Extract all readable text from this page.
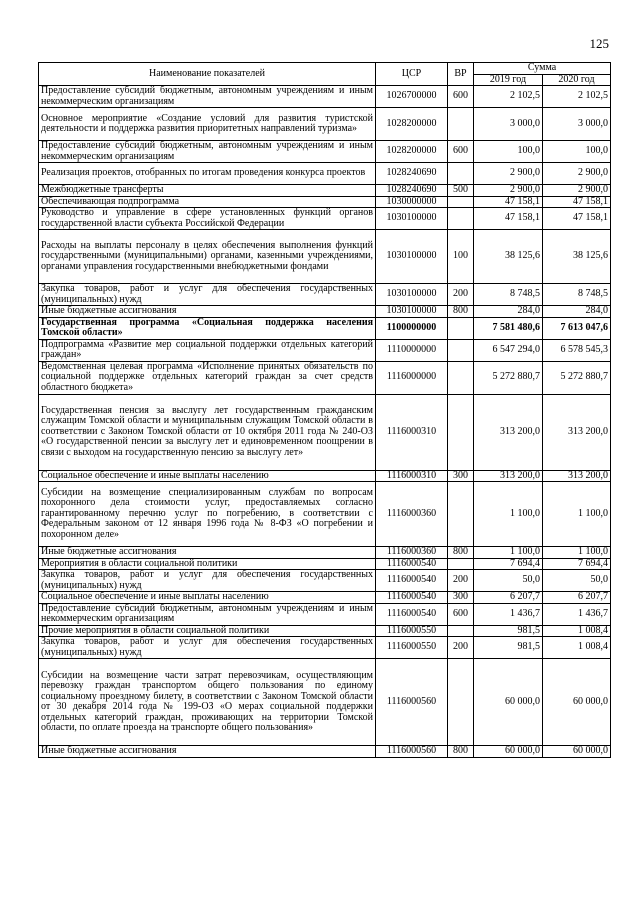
125
Наименование показателей	ЦСР	ВР	Сумма	
			2019 год	2020 год
Предоставление субсидий бюджетным, автономным учреждениям и иным некоммерческим организациям	1026700000	600	2 102,5	2 102,5
Основное мероприятие «Создание условий для развития туристской деятельности и поддержка развития приоритетных направлений туризма»	1028200000		3 000,0	3 000,0
Предоставление субсидий бюджетным, автономным учреждениям и иным некоммерческим организациям	1028200000	600	100,0	100,0
Реализация проектов, отобранных по итогам проведения конкурса проектов	1028240690		2 900,0	2 900,0
Межбюджетные трансферты	1028240690	500	2 900,0	2 900,0
Обеспечивающая подпрограмма	1030000000		47 158,1	47 158,1
Руководство и управление в сфере установленных функций органов государственной власти субъекта Российской Федерации	1030100000		47 158,1	47 158,1
Расходы на выплаты персоналу в целях обеспечения выполнения функций государственными (муниципальными) органами, казенными учреждениями, органами управления государственными внебюджетными фондами	1030100000	100	38 125,6	38 125,6
Закупка товаров, работ и услуг для обеспечения государственных (муниципальных) нужд	1030100000	200	8 748,5	8 748,5
Иные бюджетные ассигнования	1030100000	800	284,0	284,0
Государственная программа «Социальная поддержка населения Томской области»	1100000000		7 581 480,6	7 613 047,6
Подпрограмма «Развитие мер социальной поддержки отдельных категорий граждан»	1110000000		6 547 294,0	6 578 545,3
Ведомственная целевая программа «Исполнение принятых обязательств по социальной поддержке отдельных категорий граждан за счет средств областного бюджета»	1116000000		5 272 880,7	5 272 880,7
Государственная пенсия за выслугу лет государственным гражданским служащим Томской области и муниципальным служащим Томской области в соответствии с Законом Томской области от 10 октября 2011 года № 240-ОЗ «О государственной пенсии за выслугу лет и единовременном поощрении в связи с выходом на государственную пенсию за выслугу лет»	1116000310		313 200,0	313 200,0
Социальное обеспечение и иные выплаты населению	1116000310	300	313 200,0	313 200,0
Субсидии на возмещение специализированным службам по вопросам похоронного дела стоимости услуг, предоставляемых согласно гарантированному перечню услуг по погребению, в соответствии с Федеральным законом от 12 января 1996 года № 8-ФЗ «О погребении и похоронном деле»	1116000360		1 100,0	1 100,0
Иные бюджетные ассигнования	1116000360	800	1 100,0	1 100,0
Мероприятия в области социальной политики	1116000540		7 694,4	7 694,4
Закупка товаров, работ и услуг для обеспечения государственных (муниципальных) нужд	1116000540	200	50,0	50,0
Социальное обеспечение и иные выплаты населению	1116000540	300	6 207,7	6 207,7
Предоставление субсидий бюджетным, автономным учреждениям и иным некоммерческим организациям	1116000540	600	1 436,7	1 436,7
Прочие мероприятия в области социальной политики	1116000550		981,5	1 008,4
Закупка товаров, работ и услуг для обеспечения государственных (муниципальных) нужд	1116000550	200	981,5	1 008,4
Субсидии на возмещение части затрат перевозчикам, осуществляющим перевозку граждан транспортом общего пользования по единому социальному проездному билету, в соответствии с Законом Томской области от 30 декабря 2014 года № 199-ОЗ «О мерах социальной поддержки отдельных категорий граждан, проживающих на территории Томской области, по оплате проезда на транспорте общего пользования»	1116000560		60 000,0	60 000,0
Иные бюджетные ассигнования	1116000560	800	60 000,0	60 000,0
